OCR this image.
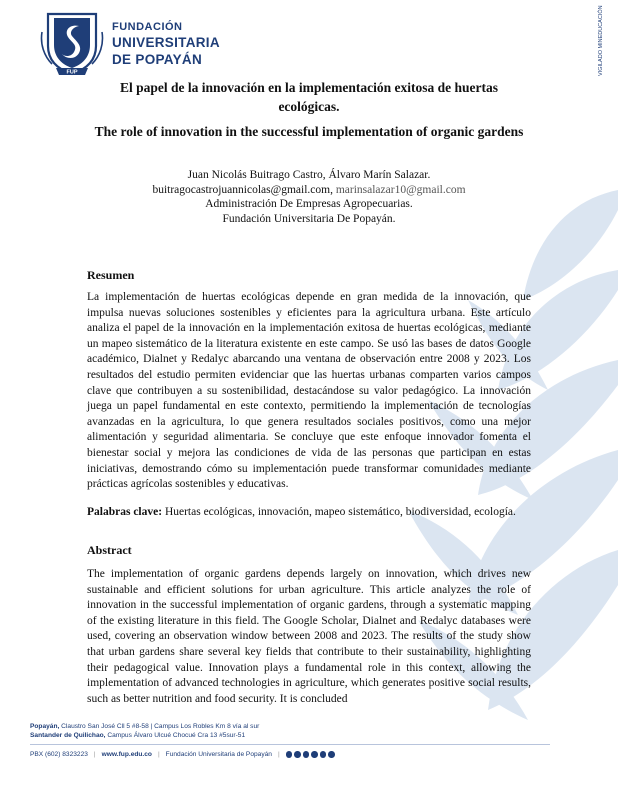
FUP
FUNDACIÓN
UNIVERSITARIA
DE POPAYÁN	VIGILADO MINEDUCACIÓN
El papel de la innovación en la implementación exitosa de huertas ecológicas.
The role of innovation in the successful implementation of organic gardens
Juan Nicolás Buitrago Castro, Álvaro Marín Salazar.
buitragocastrojuannicolas@gmail.com, marinsalazar10@gmail.com
Administración De Empresas Agropecuarias.
Fundación Universitaria De Popayán.
Resumen

La implementación de huertas ecológicas depende en gran medida de la innovación, que impulsa nuevas soluciones sostenibles y eficientes para la agricultura urbana. Este artículo analiza el papel de la innovación en la implementación exitosa de huertas ecológicas, mediante un mapeo sistemático de la literatura existente en este campo. Se usó las bases de datos Google académico, Dialnet y Redalyc abarcando una ventana de observación entre 2008 y 2023. Los resultados del estudio permiten evidenciar que las huertas urbanas comparten varios campos clave que contribuyen a su sostenibilidad, destacándose su valor pedagógico. La innovación juega un papel fundamental en este contexto, permitiendo la implementación de tecnologías avanzadas en la agricultura, lo que genera resultados sociales positivos, como una mejor alimentación y seguridad alimentaria. Se concluye que este enfoque innovador fomenta el bienestar social y mejora las condiciones de vida de las personas que participan en estas iniciativas, demostrando cómo su implementación puede transformar comunidades mediante prácticas agrícolas sostenibles y educativas.

Palabras clave: Huertas ecológicas, innovación, mapeo sistemático, biodiversidad, ecología.

Abstract

The implementation of organic gardens depends largely on innovation, which drives new sustainable and efficient solutions for urban agriculture. This article analyzes the role of innovation in the successful implementation of organic gardens, through a systematic mapping of the existing literature in this field. The Google Scholar, Dialnet and Redalyc databases were used, covering an observation window between 2008 and 2023. The results of the study show that urban gardens share several key fields that contribute to their sustainability, highlighting their pedagogical value. Innovation plays a fundamental role in this context, allowing the implementation of advanced technologies in agriculture, which generates positive social results, such as better nutrition and food security. It is concluded

Popayán, Claustro San José Cll 5 #8-58 | Campus Los Robles Km 8 vía al sur
Santander de Quilichao, Campus Álvaro Ulcué Chocué Cra 13 #5sur-51
PBX (602) 8323223 | www.fup.edu.co | Fundación Universitaria de Popayán |
